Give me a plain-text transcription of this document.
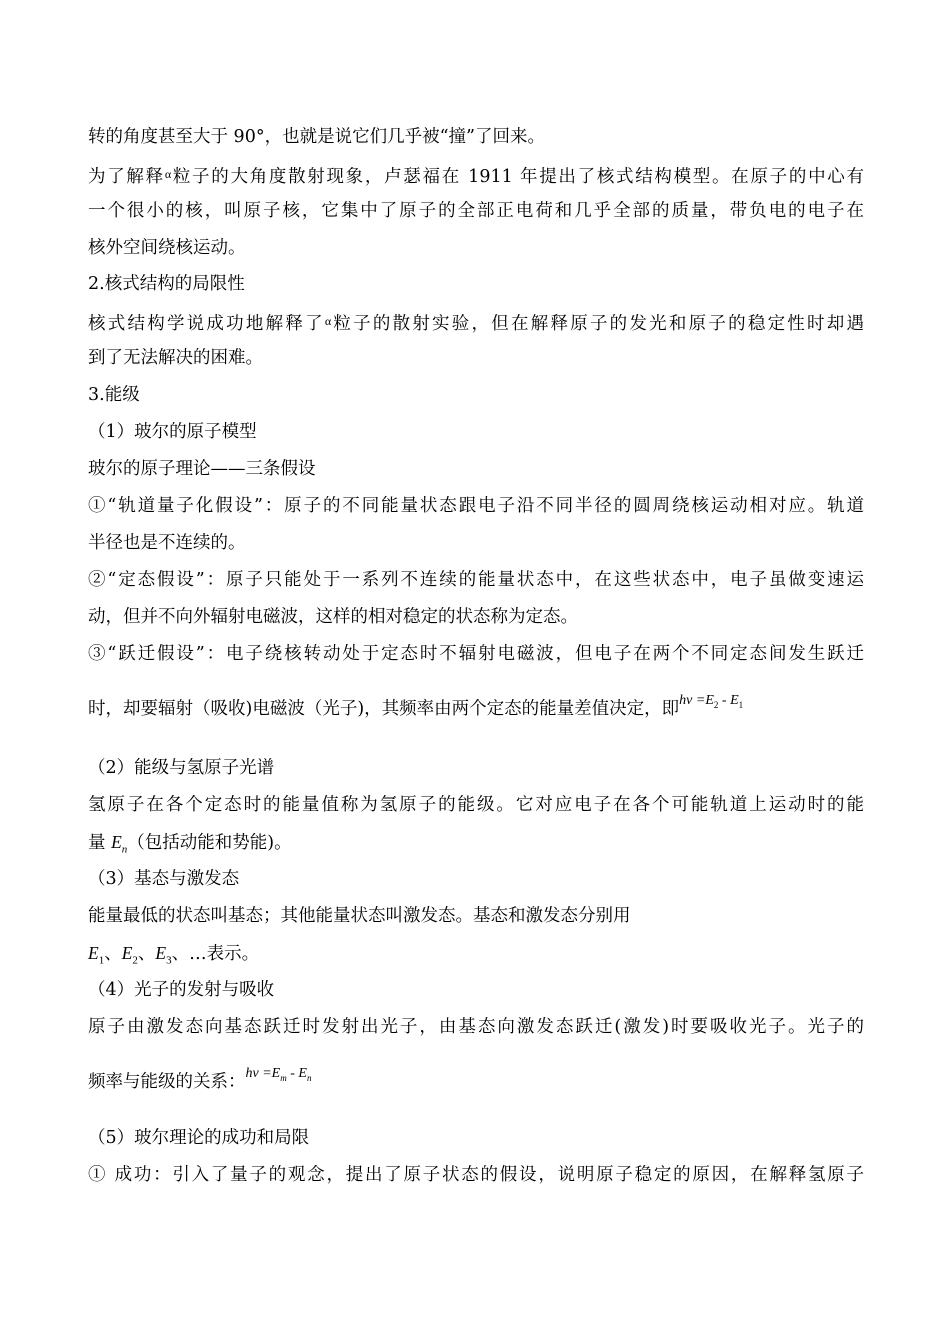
转的角度甚至大于 90°，也就是说它们几乎被“撞”了回来。
为了解释$^\alpha$粒子的大角度散射现象，卢瑟福在 1911 年提出了核式结构模型。在原子的中心有
一个很小的核，叫原子核，它集中了原子的全部正电荷和几乎全部的质量，带负电的电子在
核外空间绕核运动。
2.核式结构的局限性
核式结构学说成功地解释了$^\alpha$粒子的散射实验，但在解释原子的发光和原子的稳定性时却遇
到了无法解决的困难。
3.能级
（1）玻尔的原子模型
玻尔的原子理论——三条假设
①“轨道量子化假设”：原子的不同能量状态跟电子沿不同半径的圆周绕核运动相对应。轨道
半径也是不连续的。
②“定态假设”：原子只能处于一系列不连续的能量状态中，在这些状态中，电子虽做变速运
动，但并不向外辐射电磁波，这样的相对稳定的状态称为定态。
③“跃迁假设”：电子绕核转动处于定态时不辐射电磁波，但电子在两个不同定态间发生跃迁
时，却要辐射（吸收)电磁波（光子)，其频率由两个定态的能量差值决定，即$h\nu =E_2 - E_1$
（2）能级与氢原子光谱
氢原子在各个定态时的能量值称为氢原子的能级。它对应电子在各个可能轨道上运动时的能
量 $E_n$（包括动能和势能)。
（3）基态与激发态
能量最低的状态叫基态；其他能量状态叫激发态。基态和激发态分别用
$E_1$、$E_2$、$E_3$、…表示。
（4）光子的发射与吸收
原子由激发态向基态跃迁时发射出光子，由基态向激发态跃迁(激发)时要吸收光子。光子的
频率与能级的关系：$h\nu =E_m - E_n$
（5）玻尔理论的成功和局限
① 成功：引入了量子的观念，提出了原子状态的假设，说明原子稳定的原因，在解释氢原子
